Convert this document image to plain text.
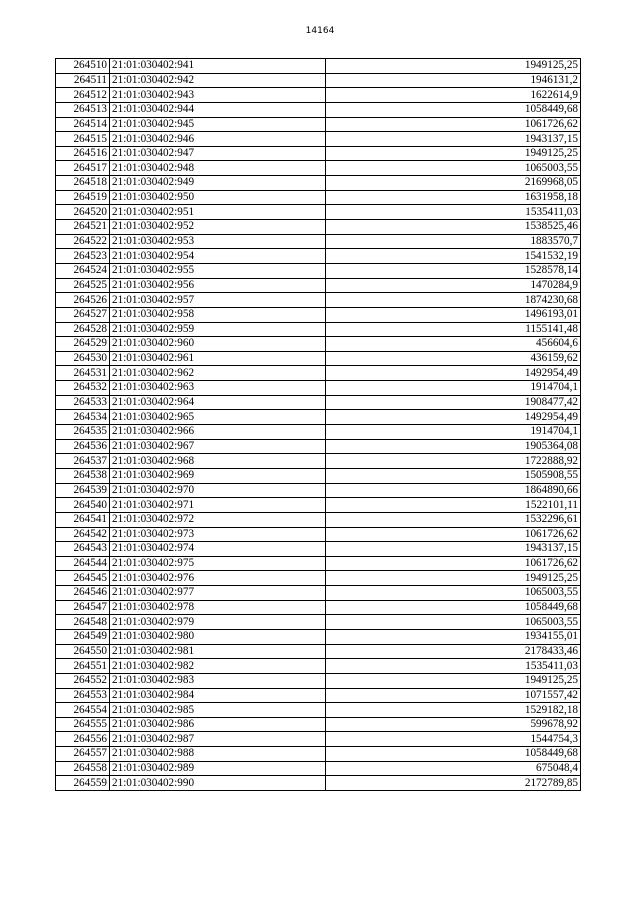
14164
264510	21:01:030402:941	1949125,25
264511	21:01:030402:942	1946131,2
264512	21:01:030402:943	1622614,9
264513	21:01:030402:944	1058449,68
264514	21:01:030402:945	1061726,62
264515	21:01:030402:946	1943137,15
264516	21:01:030402:947	1949125,25
264517	21:01:030402:948	1065003,55
264518	21:01:030402:949	2169968,05
264519	21:01:030402:950	1631958,18
264520	21:01:030402:951	1535411,03
264521	21:01:030402:952	1538525,46
264522	21:01:030402:953	1883570,7
264523	21:01:030402:954	1541532,19
264524	21:01:030402:955	1528578,14
264525	21:01:030402:956	1470284,9
264526	21:01:030402:957	1874230,68
264527	21:01:030402:958	1496193,01
264528	21:01:030402:959	1155141,48
264529	21:01:030402:960	456604,6
264530	21:01:030402:961	436159,62
264531	21:01:030402:962	1492954,49
264532	21:01:030402:963	1914704,1
264533	21:01:030402:964	1908477,42
264534	21:01:030402:965	1492954,49
264535	21:01:030402:966	1914704,1
264536	21:01:030402:967	1905364,08
264537	21:01:030402:968	1722888,92
264538	21:01:030402:969	1505908,55
264539	21:01:030402:970	1864890,66
264540	21:01:030402:971	1522101,11
264541	21:01:030402:972	1532296,61
264542	21:01:030402:973	1061726,62
264543	21:01:030402:974	1943137,15
264544	21:01:030402:975	1061726,62
264545	21:01:030402:976	1949125,25
264546	21:01:030402:977	1065003,55
264547	21:01:030402:978	1058449,68
264548	21:01:030402:979	1065003,55
264549	21:01:030402:980	1934155,01
264550	21:01:030402:981	2178433,46
264551	21:01:030402:982	1535411,03
264552	21:01:030402:983	1949125,25
264553	21:01:030402:984	1071557,42
264554	21:01:030402:985	1529182,18
264555	21:01:030402:986	599678,92
264556	21:01:030402:987	1544754,3
264557	21:01:030402:988	1058449,68
264558	21:01:030402:989	675048,4
264559	21:01:030402:990	2172789,85
